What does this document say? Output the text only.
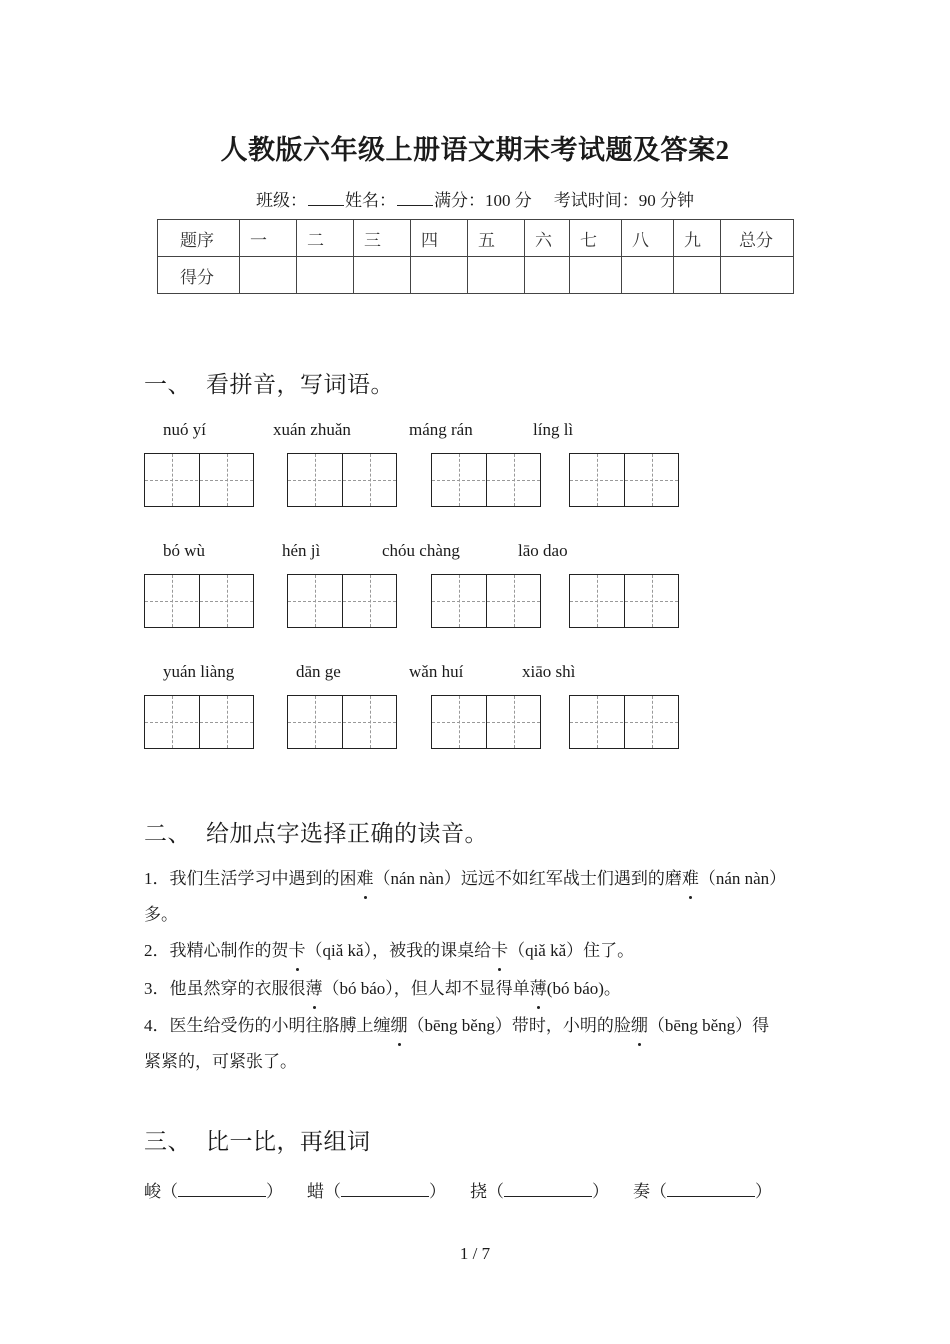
人教版六年级上册语文期末考试题及答案2
班级： 姓名： 满分：100 分 考试时间：90 分钟
题序	一	二	三	四	五	六	七	八	九	总分
得分										
一、 看拼音，写词语。
nuó yí	xuán zhuǎn	máng rán	líng lì
bó wù	hén jì	chóu chàng	lāo dao
yuán liàng	dān ge	wǎn huí	xiāo shì
二、 给加点字选择正确的读音。
1．我们生活学习中遇到的困难（nán nàn）远远不如红军战士们遇到的磨难（nán nàn）多。
2．我精心制作的贺卡（qiǎ kǎ），被我的课桌给卡（qiǎ kǎ）住了。
3．他虽然穿的衣服很薄（bó báo），但人却不显得单薄(bó báo)。
4．医生给受伤的小明往胳膊上缠绷（bēng běng）带时，小明的脸绷（bēng běng）得紧紧的，可紧张了。
三、 比一比，再组词
峻（	） 蜡（	） 挠（	） 奏（	）
1 / 7
